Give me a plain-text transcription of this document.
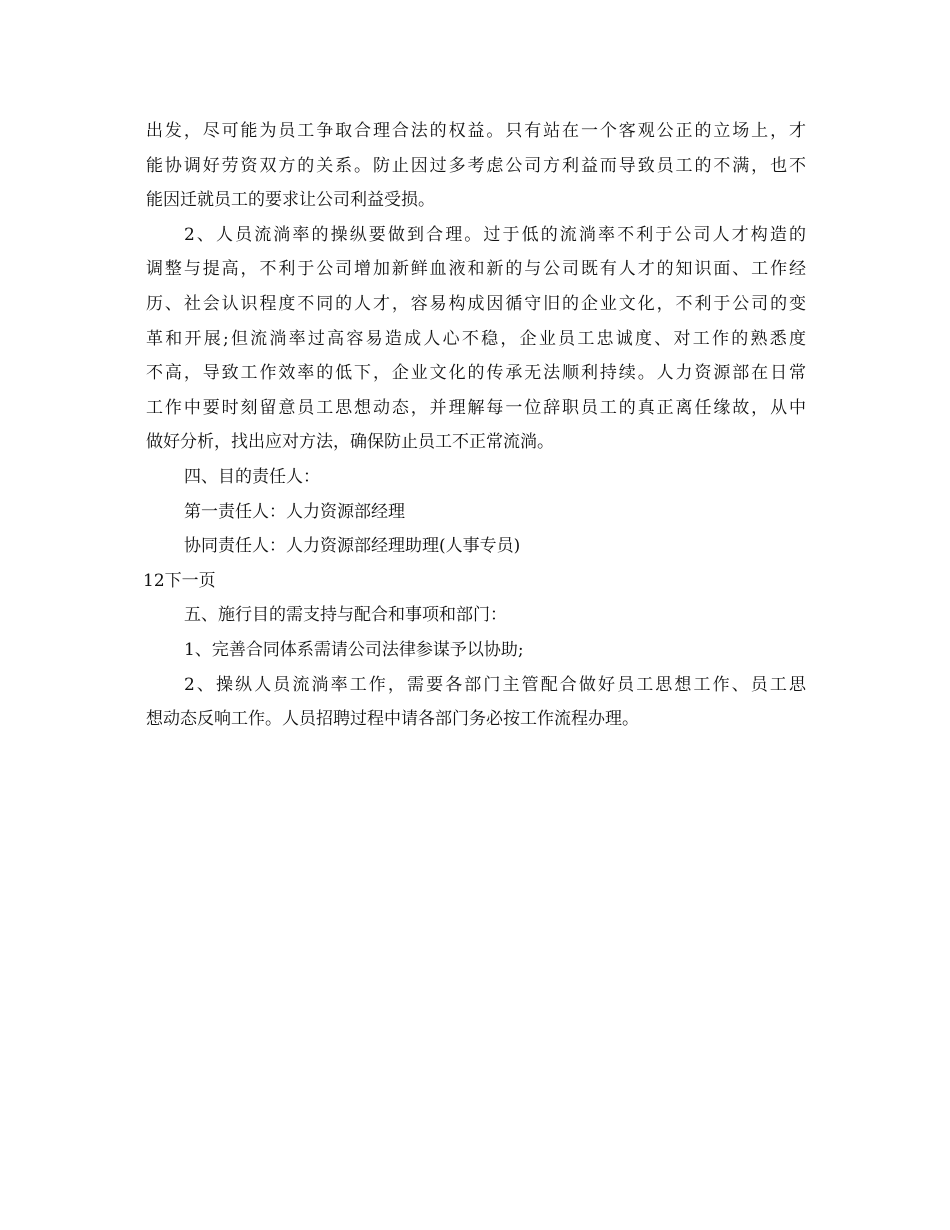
出发，尽可能为员工争取合理合法的权益。只有站在一个客观公正的立场上，才
能协调好劳资双方的关系。防止因过多考虑公司方利益而导致员工的不满，也不
能因迁就员工的要求让公司利益受损。
2、人员流淌率的操纵要做到合理。过于低的流淌率不利于公司人才构造的
调整与提高，不利于公司增加新鲜血液和新的与公司既有人才的知识面、工作经
历、社会认识程度不同的人才，容易构成因循守旧的企业文化，不利于公司的变
革和开展;但流淌率过高容易造成人心不稳，企业员工忠诚度、对工作的熟悉度
不高，导致工作效率的低下，企业文化的传承无法顺利持续。人力资源部在日常
工作中要时刻留意员工思想动态，并理解每一位辞职员工的真正离任缘故，从中
做好分析，找出应对方法，确保防止员工不正常流淌。
四、目的责任人：
第一责任人：人力资源部经理
协同责任人：人力资源部经理助理(人事专员)
12下一页
五、施行目的需支持与配合和事项和部门：
1、完善合同体系需请公司法律参谋予以协助;
2、操纵人员流淌率工作，需要各部门主管配合做好员工思想工作、员工思
想动态反响工作。人员招聘过程中请各部门务必按工作流程办理。
